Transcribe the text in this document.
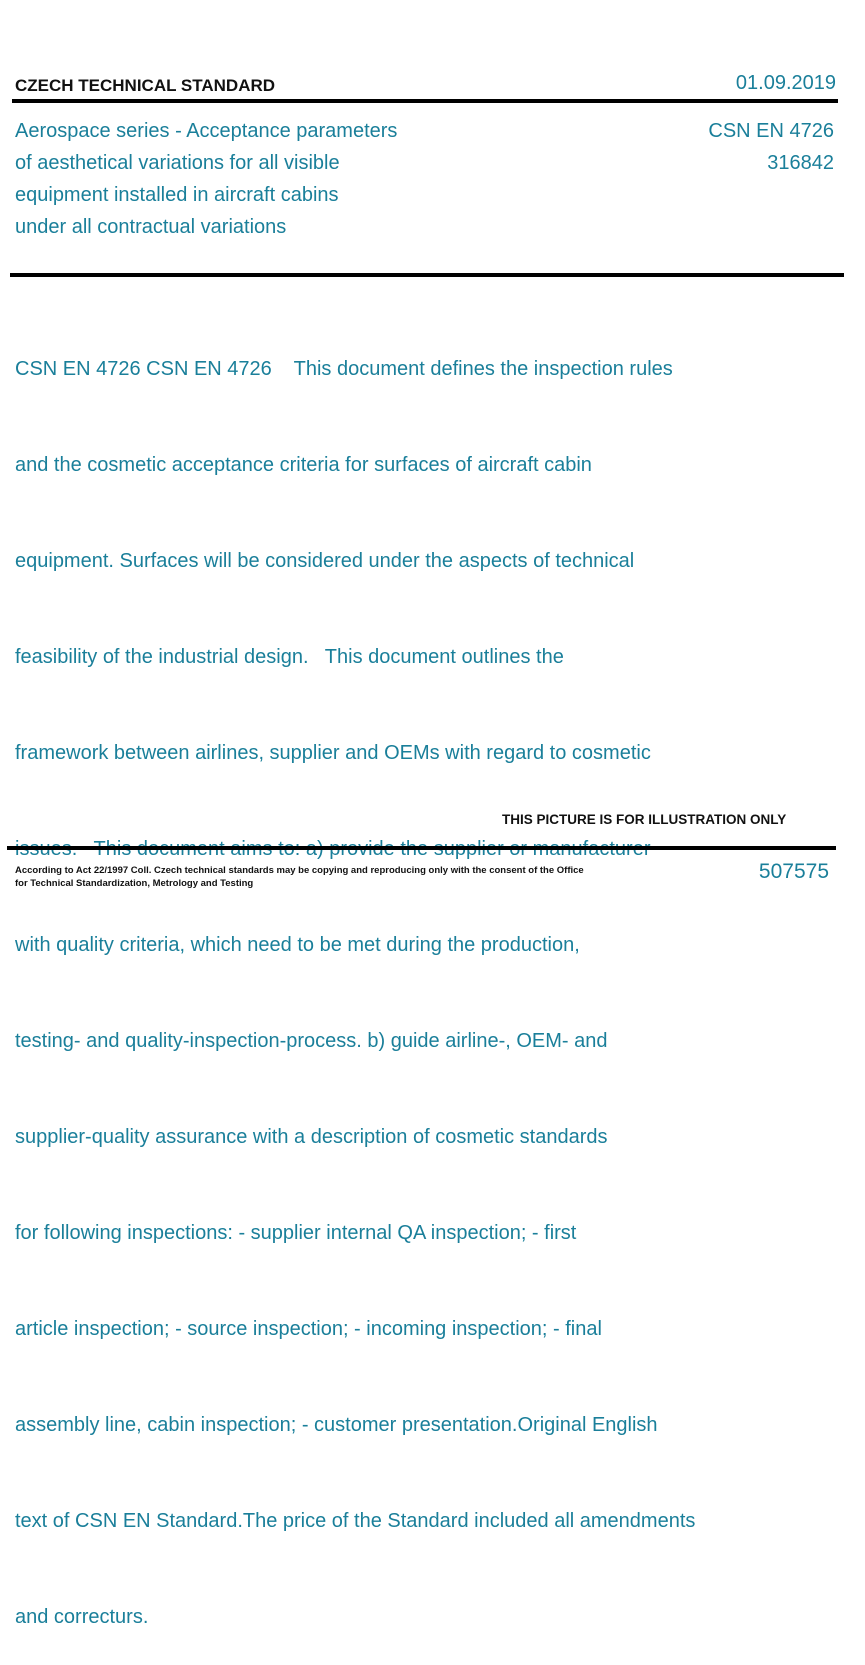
CZECH TECHNICAL STANDARD	01.09.2019
Aerospace series - Acceptance parameters
of aesthetical variations for all visible
equipment installed in aircraft cabins
under all contractual variations
CSN EN 4726
316842

CSN EN 4726 CSN EN 4726    This document defines the inspection rules

and the cosmetic acceptance criteria for surfaces of aircraft cabin

equipment. Surfaces will be considered under the aspects of technical

feasibility of the industrial design.   This document outlines the

framework between airlines, supplier and OEMs with regard to cosmetic

with quality criteria, which need to be met during the production,

testing- and quality-inspection-process. b) guide airline-, OEM- and

supplier-quality assurance with a description of cosmetic standards

for following inspections: - supplier internal QA inspection; - first

article inspection; - source inspection; - incoming inspection; - final

assembly line, cabin inspection; - customer presentation.Original English

text of CSN EN Standard.The price of the Standard included all amendments

and correcturs.

THIS PICTURE IS FOR ILLUSTRATION ONLY
According to Act 22/1997 Coll. Czech technical standards may be copying and reproducing only with the consent of the Office
for Technical Standardization, Metrology and Testing
507575
